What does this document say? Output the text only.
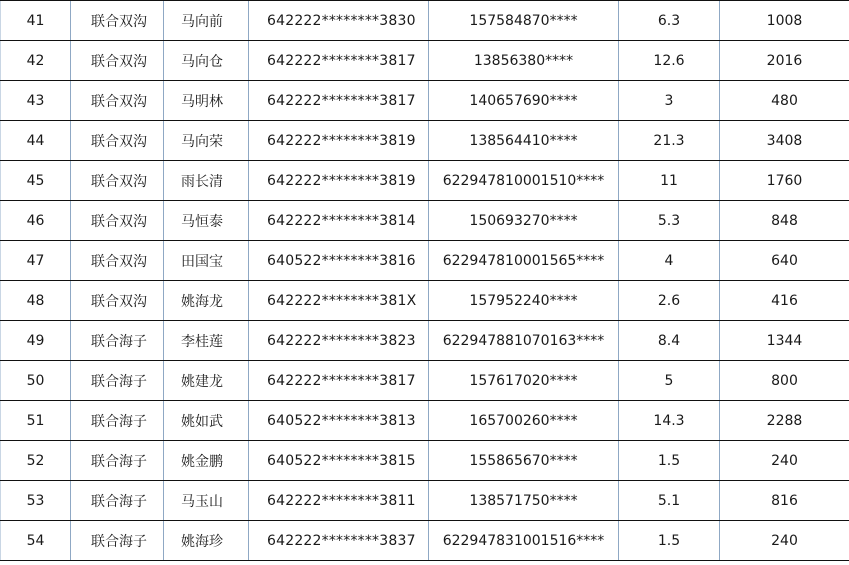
41	联合双沟	马向前	642222********3830	157584870****	6.3	1008
42	联合双沟	马向仓	642222********3817	13856380****	12.6	2016
43	联合双沟	马明林	642222********3817	140657690****	3	480
44	联合双沟	马向荣	642222********3819	138564410****	21.3	3408
45	联合双沟	雨长清	642222********3819	622947810001510****	11	1760
46	联合双沟	马恒泰	642222********3814	150693270****	5.3	848
47	联合双沟	田国宝	640522********3816	622947810001565****	4	640
48	联合双沟	姚海龙	642222********381X	157952240****	2.6	416
49	联合海子	李桂莲	642222********3823	622947881070163****	8.4	1344
50	联合海子	姚建龙	642222********3817	157617020****	5	800
51	联合海子	姚如武	640522********3813	165700260****	14.3	2288
52	联合海子	姚金鹏	640522********3815	155865670****	1.5	240
53	联合海子	马玉山	642222********3811	138571750****	5.1	816
54	联合海子	姚海珍	642222********3837	622947831001516****	1.5	240
